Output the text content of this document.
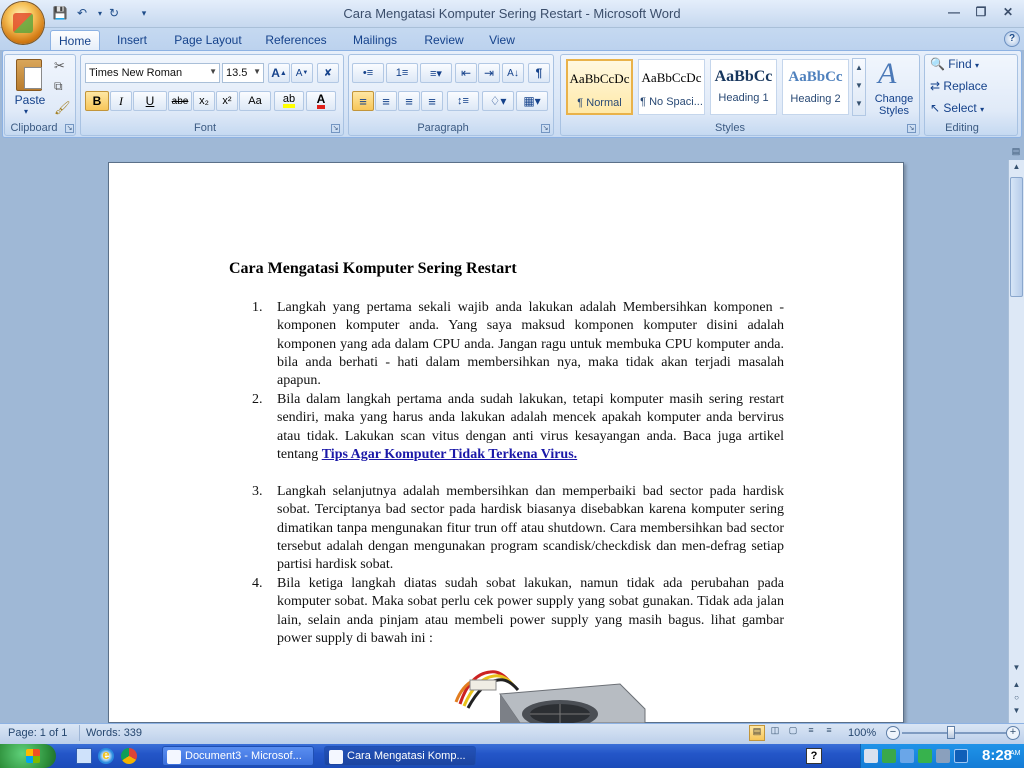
💾 ↶	▾ ↻	▾	Cara Mengatasi Komputer Sering Restart - Microsoft Word	—	❐	✕
Home	Insert	Page Layout	References	Mailings	Review	View	?
Paste
▾
✂
⧉
🖌
Clipboard	↘
Times New Roman	▼ 13.5 ▼ A ▲ A ▼	✘
B	I	U	abe x₂	x²	Aa	ab A
Font	↘
•≡	1≡	≡▾	⇤	⇥	A↓	¶
≡	≡	≡	≡	↕≡	♢▾	▦▾
Paragraph	↘
AaBbCcDc
¶ Normal
AaBbCcDc
¶ No Spaci...
AaBbCc
Heading 1
AaBbCc
Heading 2
▲
▼
▼
A
Change Styles
Styles	↘
🔍 Find ▾
⇄ Replace
↖ Select ▾
Editing
Cara Mengatasi Komputer Sering Restart
1.	Langkah yang pertama sekali wajib anda lakukan adalah Membersihkan komponen - komponen komputer anda. Yang saya maksud komponen komputer disini adalah komponen yang ada dalam CPU anda. Jangan ragu untuk membuka CPU komputer anda. bila anda berhati - hati dalam membersihkan nya, maka tidak akan terjadi masalah apapun.
2.	Bila dalam langkah pertama anda sudah lakukan, tetapi komputer masih sering restart sendiri, maka yang harus anda lakukan adalah mencek apakah komputer anda bervirus atau tidak. Lakukan scan vitus dengan anti virus kesayangan anda. Baca juga artikel tentang Tips Agar Komputer Tidak Terkena Virus.
3.	Langkah selanjutnya adalah membersihkan dan memperbaiki bad sector pada hardisk sobat. Terciptanya bad sector pada hardisk biasanya disebabkan karena komputer sering dimatikan tanpa mengunakan fitur trun off atau shutdown. Cara membersihkan bad sector tersebut adalah dengan mengunakan program scandisk/checkdisk dan men-defrag setiap partisi hardisk sobat.
4.	Bila ketiga langkah diatas sudah sobat lakukan, namun tidak ada perubahan pada komputer sobat. Maka sobat perlu cek power supply yang sobat gunakan. Tidak ada jalan lain, selain anda pinjam atau membeli power supply yang masih bagus. lihat gambar power supply di bawah ini :
▤
▲
▼
▲
○
▼
Page: 1 of 1 Words: 339	▤	◫	▢	≡	≡	100%	−	+
e	Document3 - Microsof...	Cara Mengatasi Komp...	?	8:28
AM
